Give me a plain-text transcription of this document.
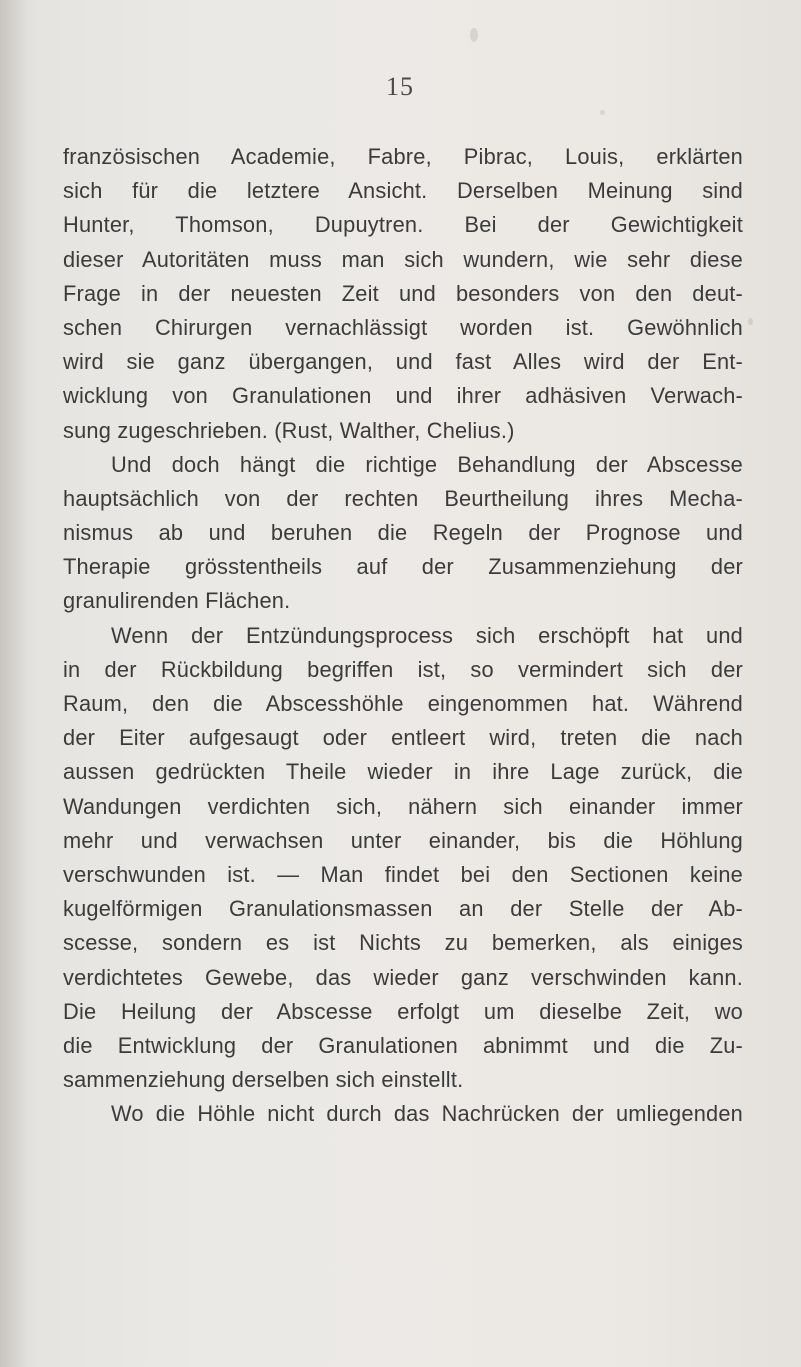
15
französischen Academie, Fabre, Pibrac, Louis, erklärten
sich für die letztere Ansicht. Derselben Meinung sind
Hunter, Thomson, Dupuytren. Bei der Gewichtigkeit
dieser Autoritäten muss man sich wundern, wie sehr diese
Frage in der neuesten Zeit und besonders von den deut-
schen Chirurgen vernachlässigt worden ist. Gewöhnlich
wird sie ganz übergangen, und fast Alles wird der Ent-
wicklung von Granulationen und ihrer adhäsiven Verwach-
sung zugeschrieben. (Rust, Walther, Chelius.)
Und doch hängt die richtige Behandlung der Abscesse
hauptsächlich von der rechten Beurtheilung ihres Mecha-
nismus ab und beruhen die Regeln der Prognose und
Therapie grösstentheils auf der Zusammenziehung der
granulirenden Flächen.
Wenn der Entzündungsprocess sich erschöpft hat und
in der Rückbildung begriffen ist, so vermindert sich der
Raum, den die Abscesshöhle eingenommen hat. Während
der Eiter aufgesaugt oder entleert wird, treten die nach
aussen gedrückten Theile wieder in ihre Lage zurück, die
Wandungen verdichten sich, nähern sich einander immer
mehr und verwachsen unter einander, bis die Höhlung
verschwunden ist. — Man findet bei den Sectionen keine
kugelförmigen Granulationsmassen an der Stelle der Ab-
scesse, sondern es ist Nichts zu bemerken, als einiges
verdichtetes Gewebe, das wieder ganz verschwinden kann.
Die Heilung der Abscesse erfolgt um dieselbe Zeit, wo
die Entwicklung der Granulationen abnimmt und die Zu-
sammenziehung derselben sich einstellt.
Wo die Höhle nicht durch das Nachrücken der umliegenden
